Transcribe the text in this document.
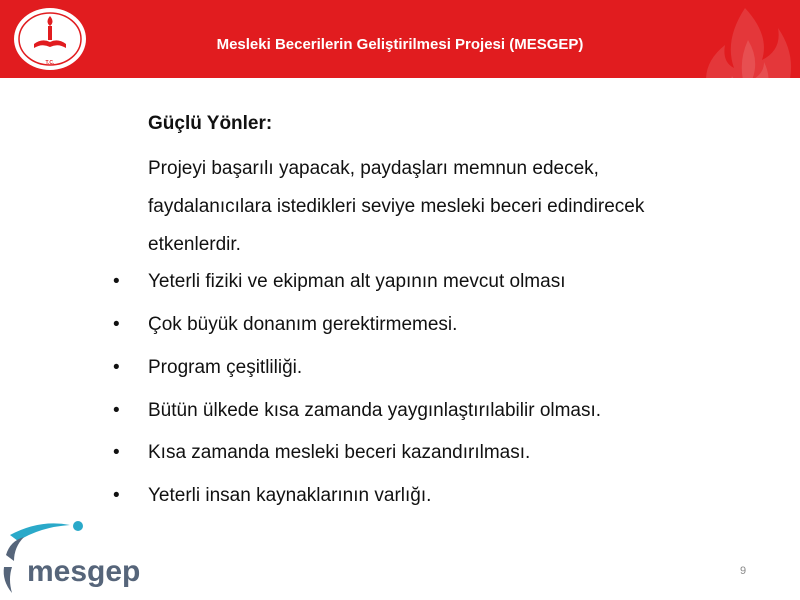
T.C.
Mesleki Becerilerin Geliştirilmesi Projesi (MESGEP)
Güçlü Yönler:
Projeyi başarılı yapacak, paydaşları memnun edecek, faydalanıcılara istedikleri seviye mesleki beceri edindirecek etkenlerdir.
• Yeterli fiziki ve ekipman alt yapının mevcut olması
• Çok büyük donanım gerektirmemesi.
• Program çeşitliliği.
• Bütün ülkede kısa zamanda yaygınlaştırılabilir olması.
• Kısa zamanda mesleki beceri kazandırılması.
• Yeterli insan kaynaklarının varlığı.
mesgep	9
